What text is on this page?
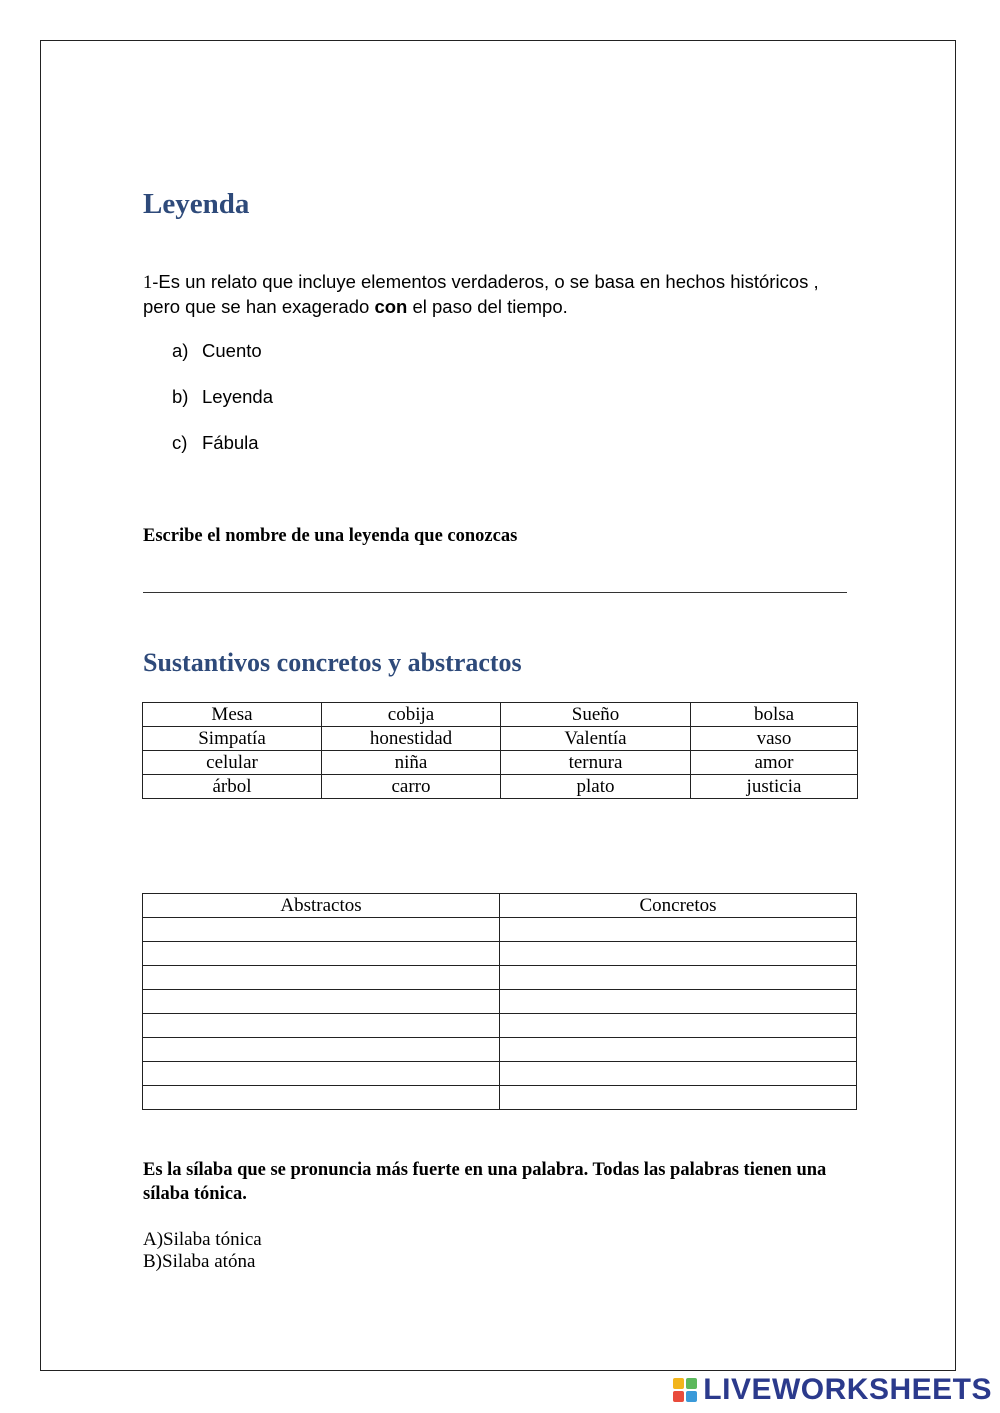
Leyenda
1-Es un relato que incluye elementos verdaderos, o se basa en hechos históricos , pero que se han exagerado con el paso del tiempo.
a) Cuento
b) Leyenda
c) Fábula
Escribe el nombre de una leyenda que conozcas
Sustantivos concretos y abstractos
Mesa	cobija	Sueño	bolsa
Simpatía	honestidad	Valentía	vaso
celular	niña	ternura	amor
árbol	carro	plato	justicia
Abstractos	Concretos

Es la sílaba que se pronuncia más fuerte en una palabra. Todas las palabras tienen una sílaba tónica.
A)Silaba tónica
B)Silaba atóna
LIVEWORKSHEETS
